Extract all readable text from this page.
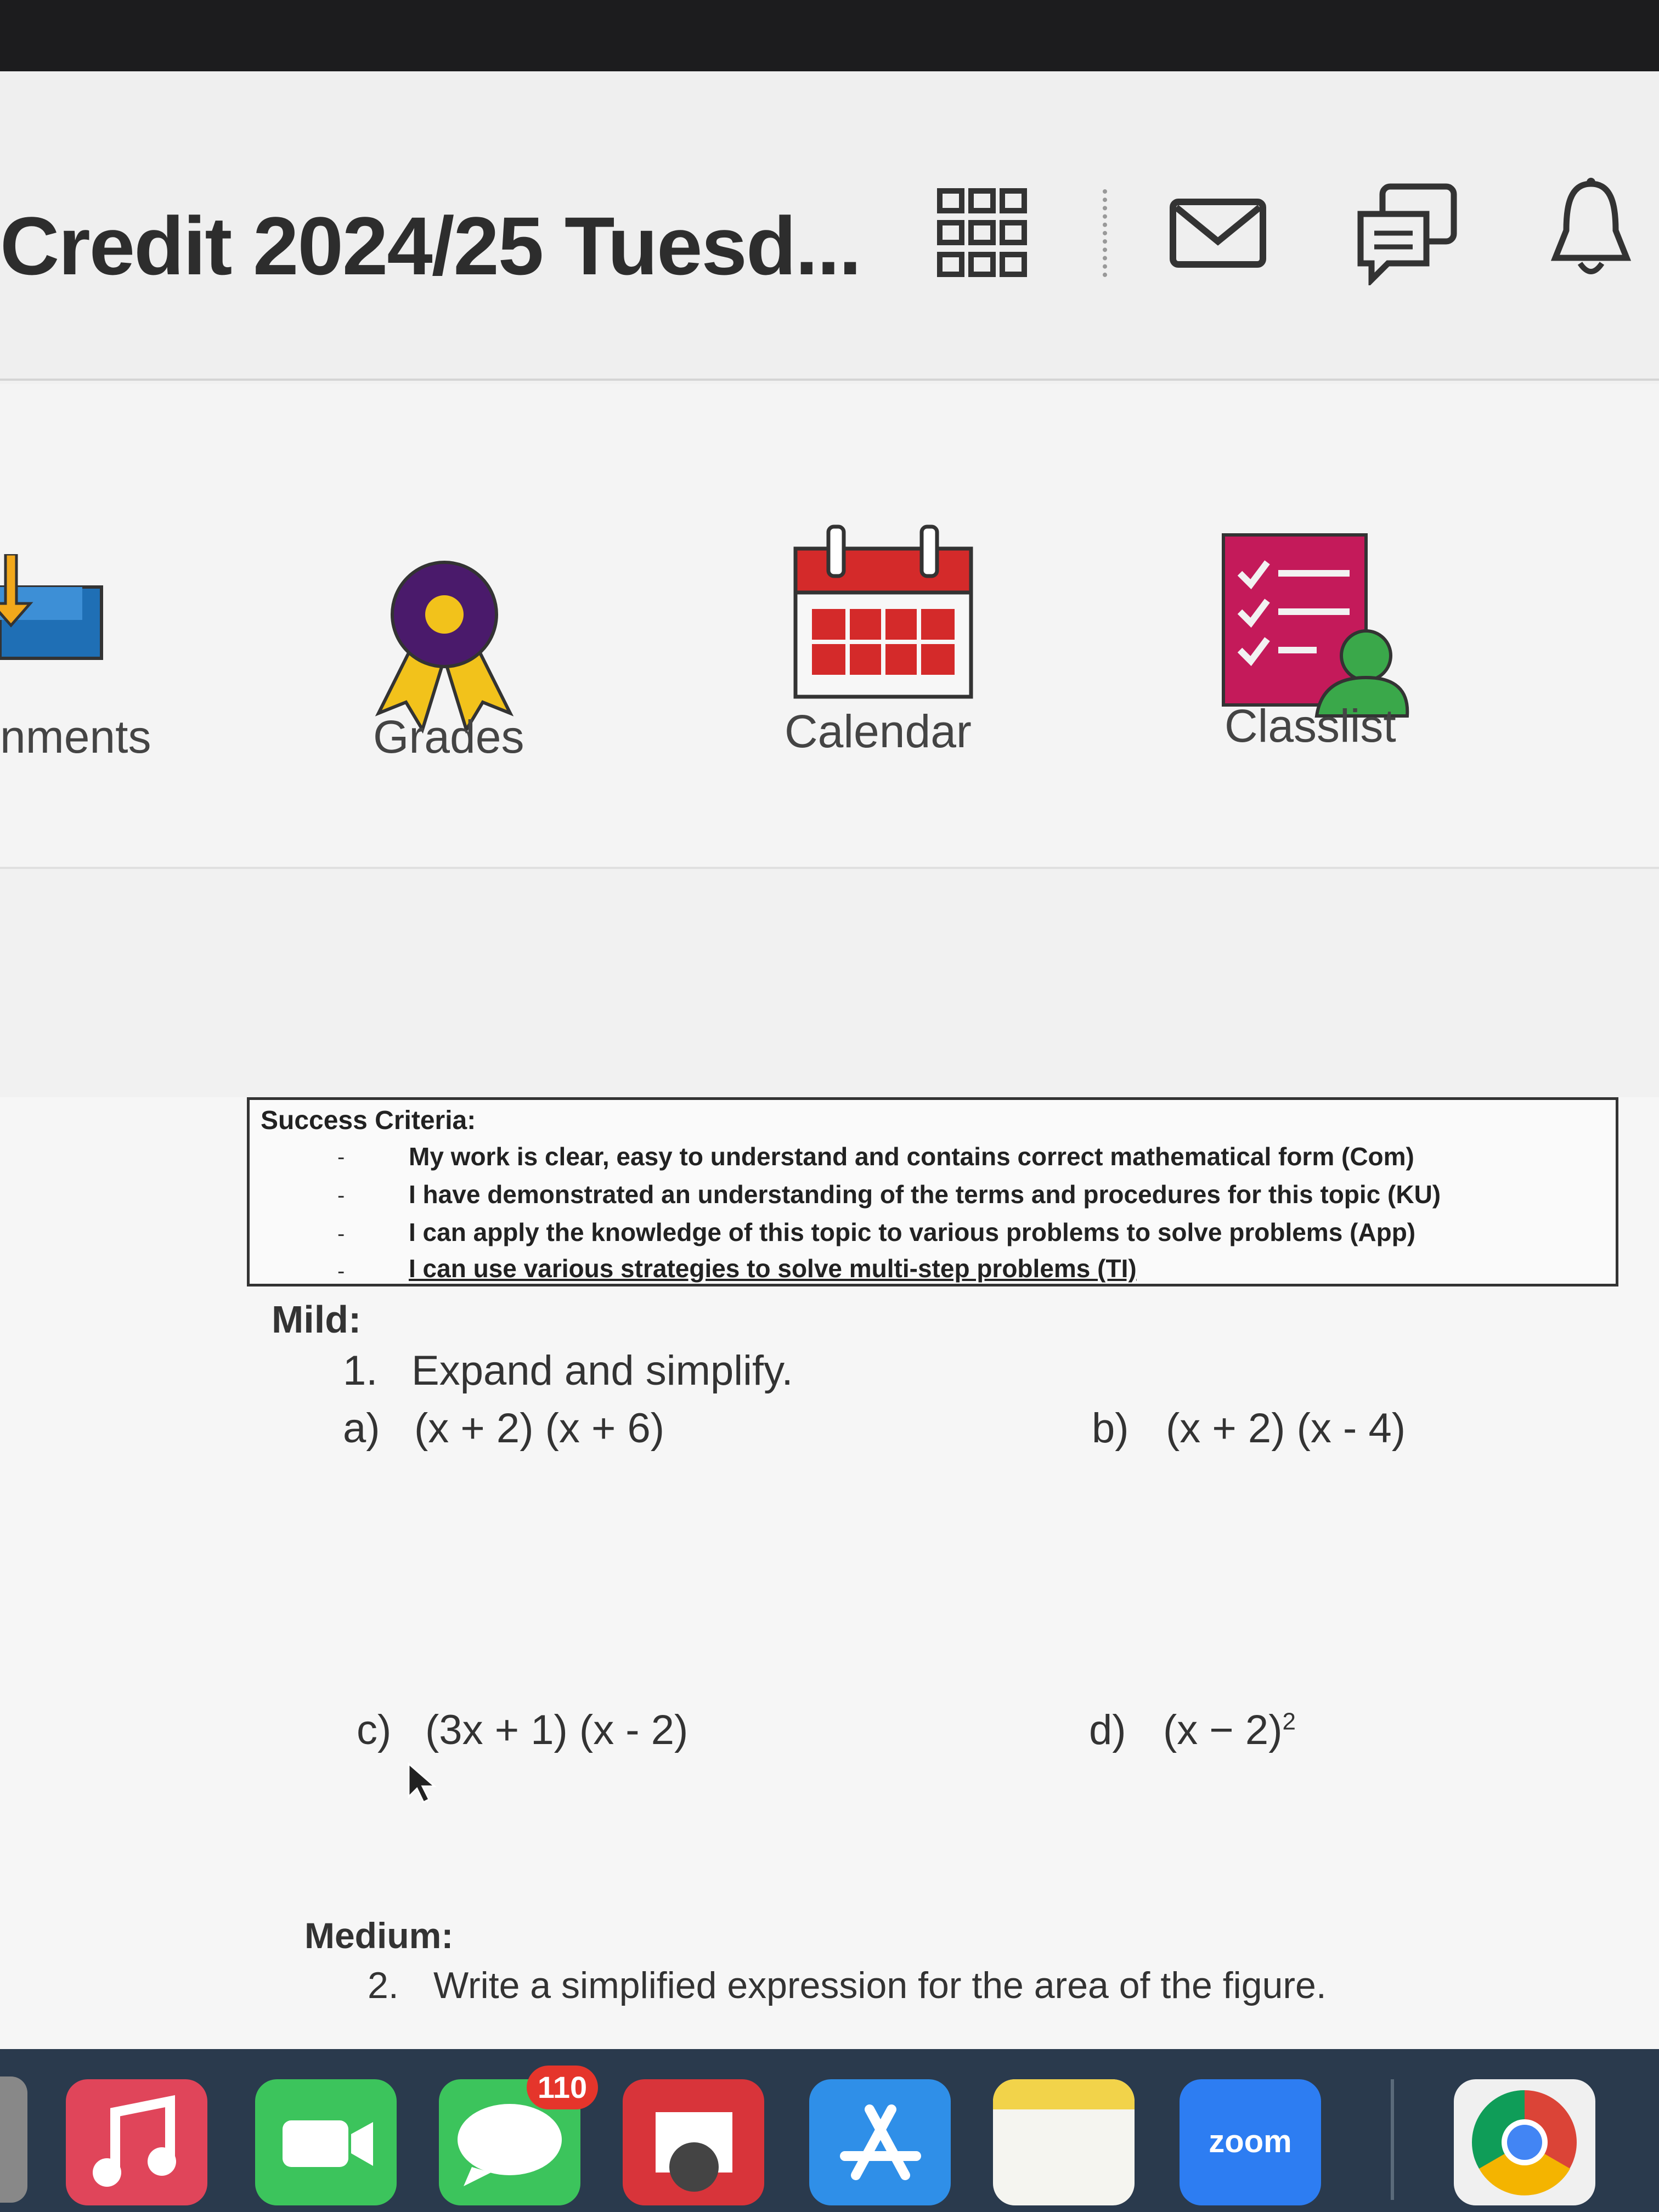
Credit 2024/25 Tuesd...
nments	Grades	Calendar	Classlist
Success Criteria:
-	My work is clear, easy to understand and contains correct mathematical form (Com)
-	I have demonstrated an understanding of the terms and procedures for this topic (KU)
-	I can apply the knowledge of this topic to various problems to solve problems (App)
-	I can use various strategies to solve multi-step problems (TI)
Mild:
1. Expand and simplify.
a) (x + 2) (x + 6)	b) (x + 2) (x - 4)
c) (3x + 1) (x - 2)	d) $(x - 2)^2$
Medium:
2. Write a simplified expression for the area of the figure.
110
zoom
